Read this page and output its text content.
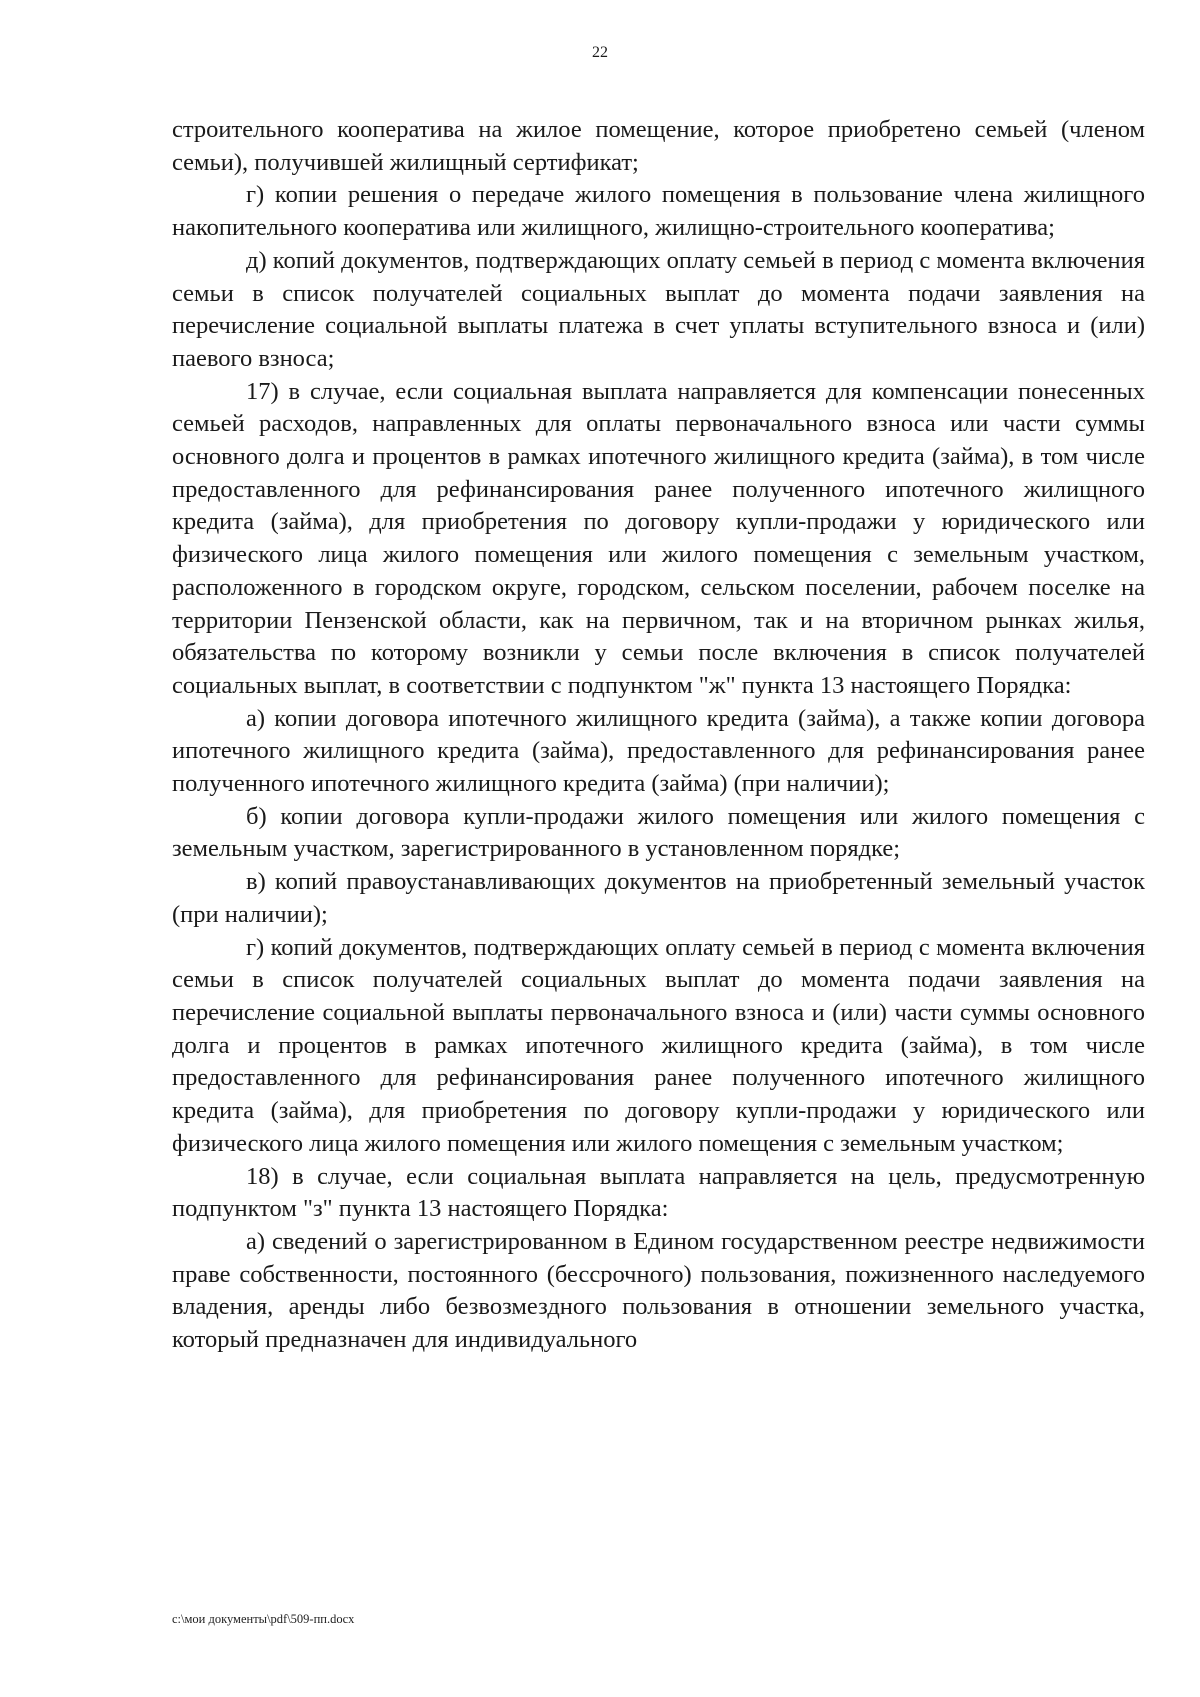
22

строительного кооператива на жилое помещение, которое приобретено семьей (членом семьи), получившей жилищный сертификат;

г) копии решения о передаче жилого помещения в пользование члена жилищного накопительного кооператива или жилищного, жилищно-строительного кооператива;

д) копий документов, подтверждающих оплату семьей в период с момента включения семьи в список получателей социальных выплат до момента подачи заявления на перечисление социальной выплаты платежа в счет уплаты вступительного взноса и (или) паевого взноса;

17) в случае, если социальная выплата направляется для компенсации понесенных семьей расходов, направленных для оплаты первоначального взноса или части суммы основного долга и процентов в рамках ипотечного жилищного кредита (займа), в том числе предоставленного для рефинансирования ранее полученного ипотечного жилищного кредита (займа), для приобретения по договору купли-продажи у юридического или физического лица жилого помещения или жилого помещения с земельным участком, расположенного в городском округе, городском, сельском поселении, рабочем поселке на территории Пензенской области, как на первичном, так и на вторичном рынках жилья, обязательства по которому возникли у семьи после включения в список получателей социальных выплат, в соответствии с подпунктом "ж" пункта 13 настоящего Порядка:

а) копии договора ипотечного жилищного кредита (займа), а также копии договора ипотечного жилищного кредита (займа), предоставленного для рефинансирования ранее полученного ипотечного жилищного кредита (займа) (при наличии);

б) копии договора купли-продажи жилого помещения или жилого помещения с земельным участком, зарегистрированного в установленном порядке;

в) копий правоустанавливающих документов на приобретенный земельный участок (при наличии);

г) копий документов, подтверждающих оплату семьей в период с момента включения семьи в список получателей социальных выплат до момента подачи заявления на перечисление социальной выплаты первоначального взноса и (или) части суммы основного долга и процентов в рамках ипотечного жилищного кредита (займа), в том числе предоставленного для рефинансирования ранее полученного ипотечного жилищного кредита (займа), для приобретения по договору купли-продажи у юридического или физического лица жилого помещения или жилого помещения с земельным участком;

18) в случае, если социальная выплата направляется на цель, предусмотренную подпунктом "з" пункта 13 настоящего Порядка:

а) сведений о зарегистрированном в Едином государственном реестре недвижимости праве собственности, постоянного (бессрочного) пользования, пожизненного наследуемого владения, аренды либо безвозмездного пользования в отношении земельного участка, который предназначен для индивидуального

c:\мои документы\pdf\509-пп.docx
